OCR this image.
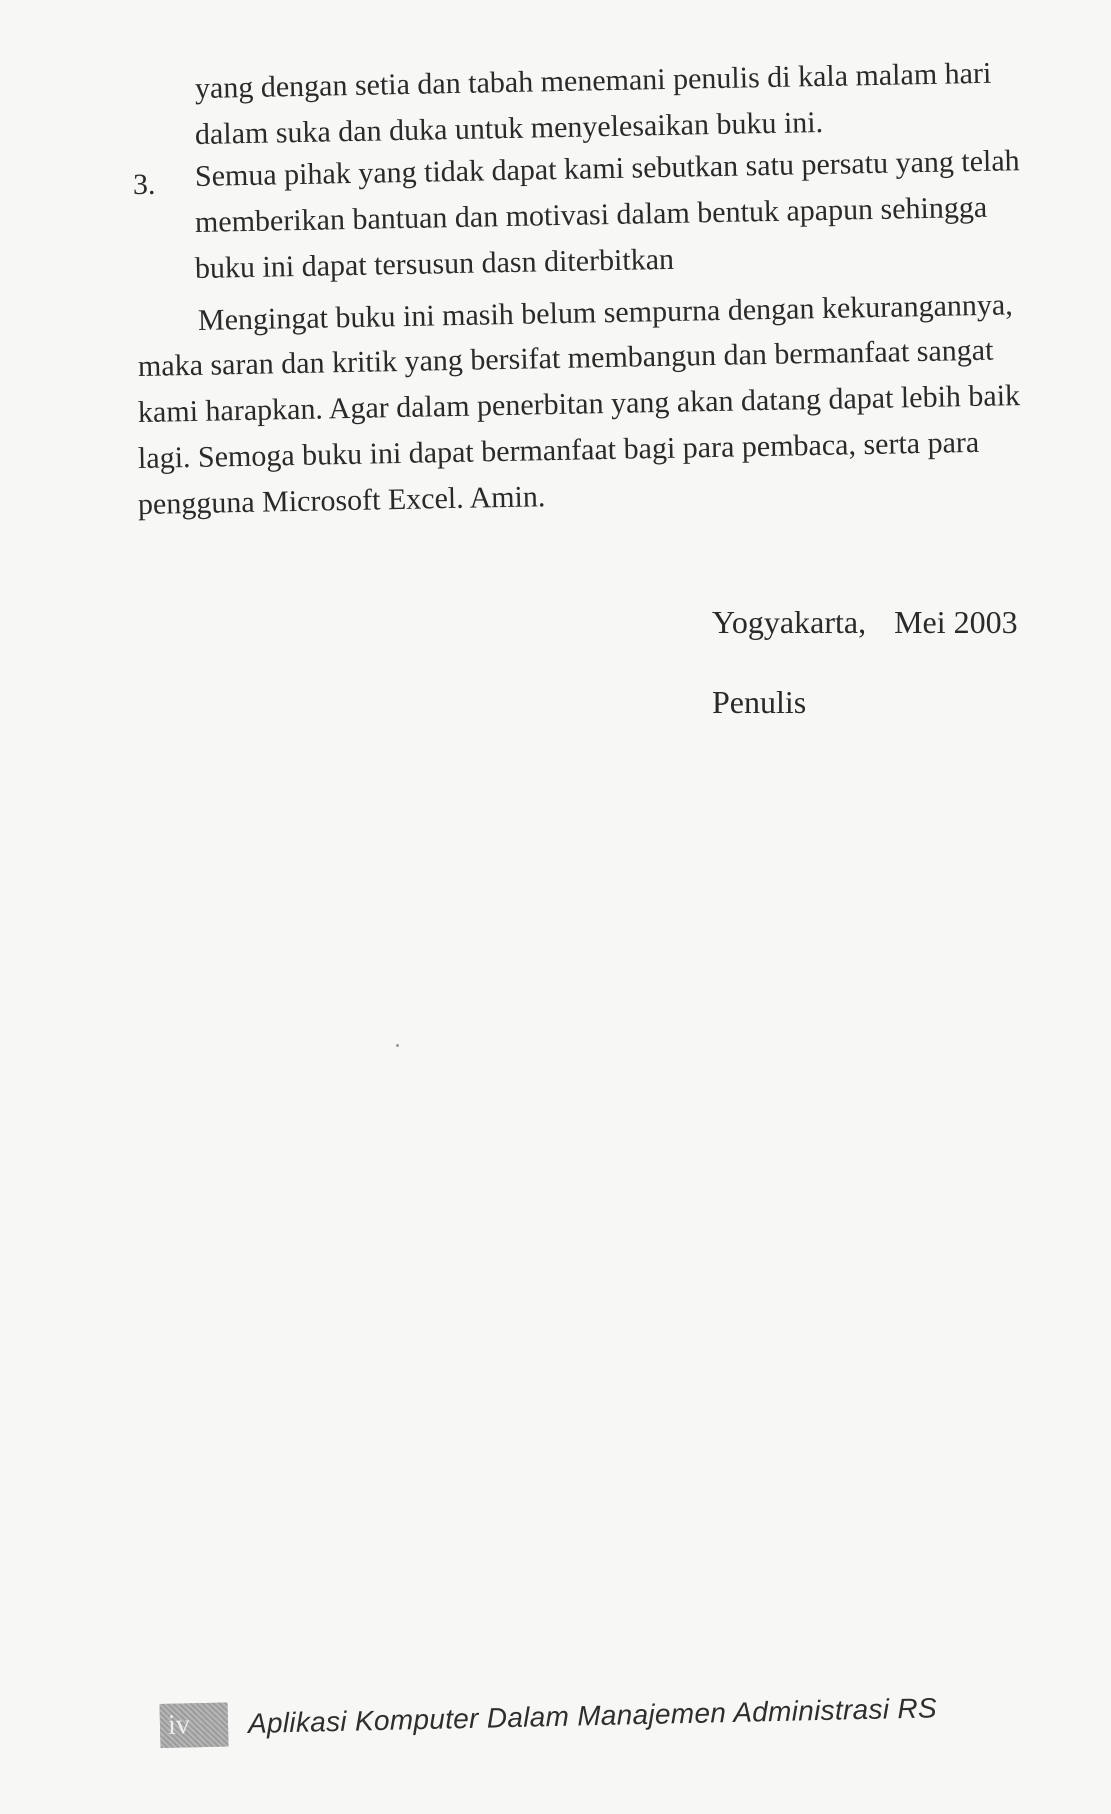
yang dengan setia dan tabah menemani penulis di kala malam hari
dalam suka dan duka untuk menyelesaikan buku ini.
3. Semua pihak yang tidak dapat kami sebutkan satu persatu yang telah
memberikan bantuan dan motivasi dalam bentuk apapun sehingga
buku ini dapat tersusun dasn diterbitkan
Mengingat buku ini masih belum sempurna dengan kekurangannya,
maka saran dan kritik yang bersifat membangun dan bermanfaat sangat
kami harapkan. Agar dalam penerbitan yang akan datang dapat lebih baik
lagi. Semoga buku ini dapat bermanfaat bagi para pembaca, serta para
pengguna Microsoft Excel. Amin.
Yogyakarta, Mei 2003
Penulis
iv	Aplikasi Komputer Dalam Manajemen Administrasi RS
